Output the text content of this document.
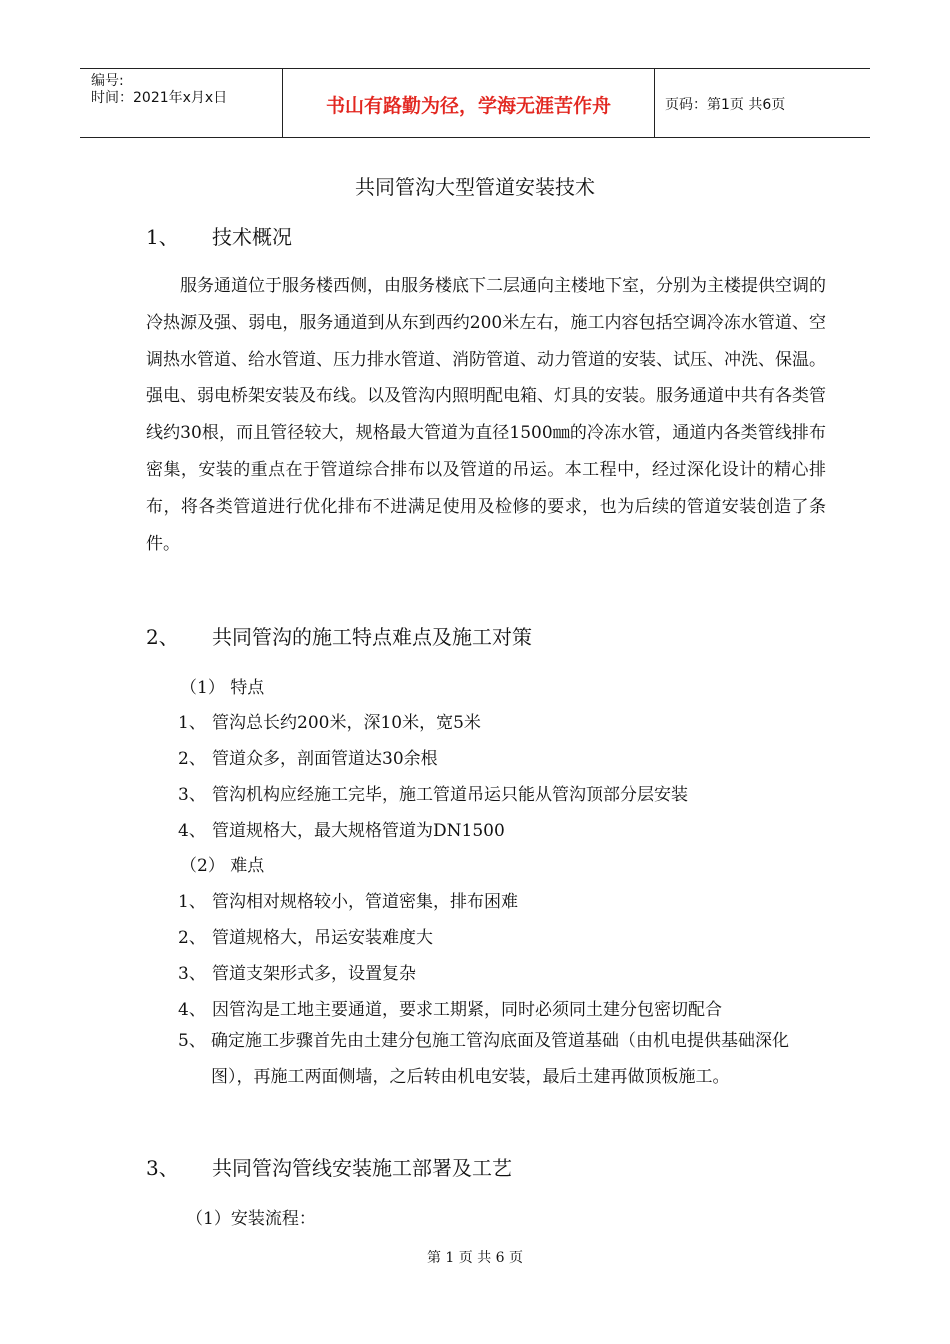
编号:
时间：2021年x月x日	书山有路勤为径，学海无涯苦作舟	页码：第1页 共6页
共同管沟大型管道安装技术
1、 技术概况
服务通道位于服务楼西侧，由服务楼底下二层通向主楼地下室，分别为主楼提供空调的冷热源及强、弱电，服务通道到从东到西约200米左右，施工内容包括空调冷冻水管道、空调热水管道、给水管道、压力排水管道、消防管道、动力管道的安装、试压、冲洗、保温。强电、弱电桥架安装及布线。以及管沟内照明配电箱、灯具的安装。服务通道中共有各类管线约30根，而且管径较大，规格最大管道为直径1500㎜的冷冻水管，通道内各类管线排布密集，安装的重点在于管道综合排布以及管道的吊运。本工程中，经过深化设计的精心排布，将各类管道进行优化排布不进满足使用及检修的要求，也为后续的管道安装创造了条件。
2、 共同管沟的施工特点难点及施工对策
（1） 特点
1、 管沟总长约200米，深10米，宽5米
2、 管道众多，剖面管道达30余根
3、 管沟机构应经施工完毕，施工管道吊运只能从管沟顶部分层安装
4、 管道规格大，最大规格管道为DN1500
（2） 难点
1、 管沟相对规格较小，管道密集，排布困难
2、 管道规格大，吊运安装难度大
3、 管道支架形式多，设置复杂
4、 因管沟是工地主要通道，要求工期紧，同时必须同土建分包密切配合
5、 确定施工步骤首先由土建分包施工管沟底面及管道基础（由机电提供基础深化图），再施工两面侧墙，之后转由机电安装，最后土建再做顶板施工。
3、 共同管沟管线安装施工部署及工艺
（1）安装流程：
第 1 页 共 6 页
